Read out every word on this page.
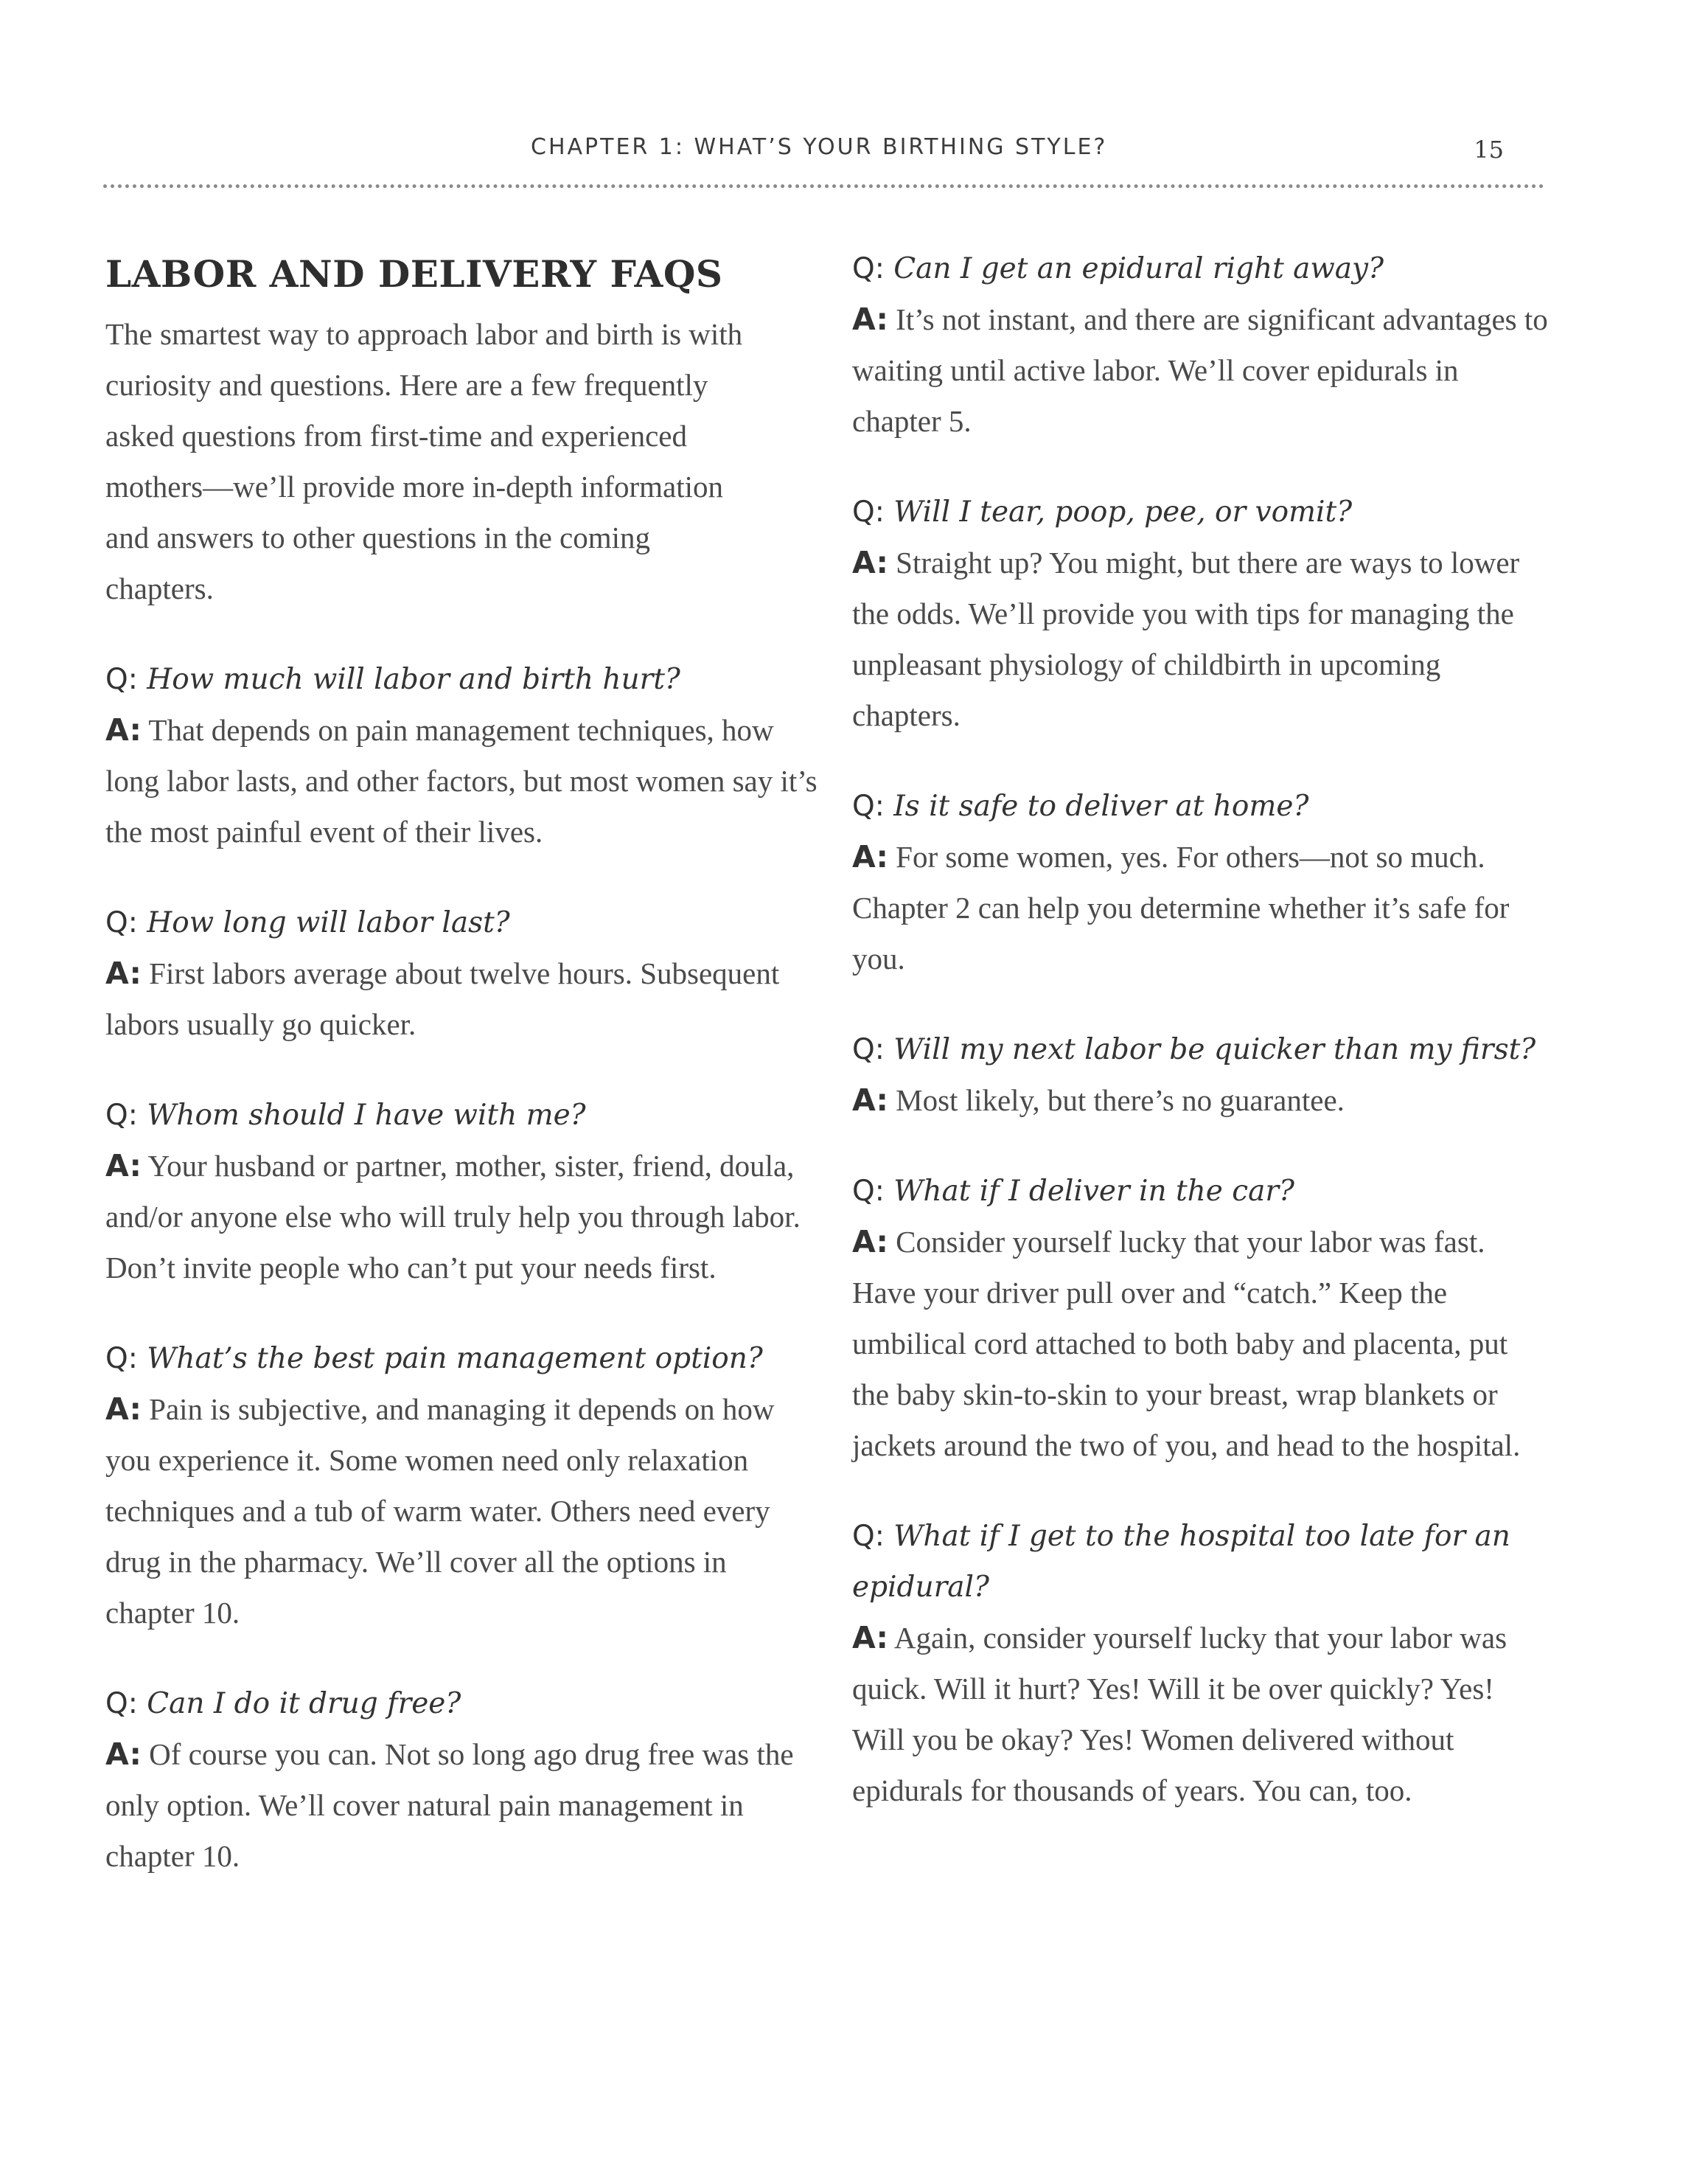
CHAPTER 1: WHAT’S YOUR BIRTHING STYLE?	15
LABOR AND DELIVERY FAQS
The smartest way to approach labor and birth is with curiosity and questions. Here are a few frequently asked questions from first-time and experienced mothers—we’ll provide more in-depth information and answers to other questions in the coming chapters.
Q: How much will labor and birth hurt?
A: That depends on pain management techniques, how long labor lasts, and other factors, but most women say it’s the most painful event of their lives.
Q: How long will labor last?
A: First labors average about twelve hours. Subsequent labors usually go quicker.
Q: Whom should I have with me?
A: Your husband or partner, mother, sister, friend, doula, and/or anyone else who will truly help you through labor. Don’t invite people who can’t put your needs first.
Q: What’s the best pain management option?
A: Pain is subjective, and managing it depends on how you experience it. Some women need only relaxation techniques and a tub of warm water. Others need every drug in the pharmacy. We’ll cover all the options in chapter 10.
Q: Can I do it drug free?
A: Of course you can. Not so long ago drug free was the only option. We’ll cover natural pain management in chapter 10.
Q: Can I get an epidural right away?
A: It’s not instant, and there are significant advantages to waiting until active labor. We’ll cover epidurals in chapter 5.
Q: Will I tear, poop, pee, or vomit?
A: Straight up? You might, but there are ways to lower the odds. We’ll provide you with tips for managing the unpleasant physiology of childbirth in upcoming chapters.
Q: Is it safe to deliver at home?
A: For some women, yes. For others—not so much. Chapter 2 can help you determine whether it’s safe for you.
Q: Will my next labor be quicker than my first?
A: Most likely, but there’s no guarantee.
Q: What if I deliver in the car?
A: Consider yourself lucky that your labor was fast. Have your driver pull over and “catch.” Keep the umbilical cord attached to both baby and placenta, put the baby skin-to-skin to your breast, wrap blankets or jackets around the two of you, and head to the hospital.
Q: What if I get to the hospital too late for an epidural?
A: Again, consider yourself lucky that your labor was quick. Will it hurt? Yes! Will it be over quickly? Yes! Will you be okay? Yes! Women delivered without epidurals for thousands of years. You can, too.
